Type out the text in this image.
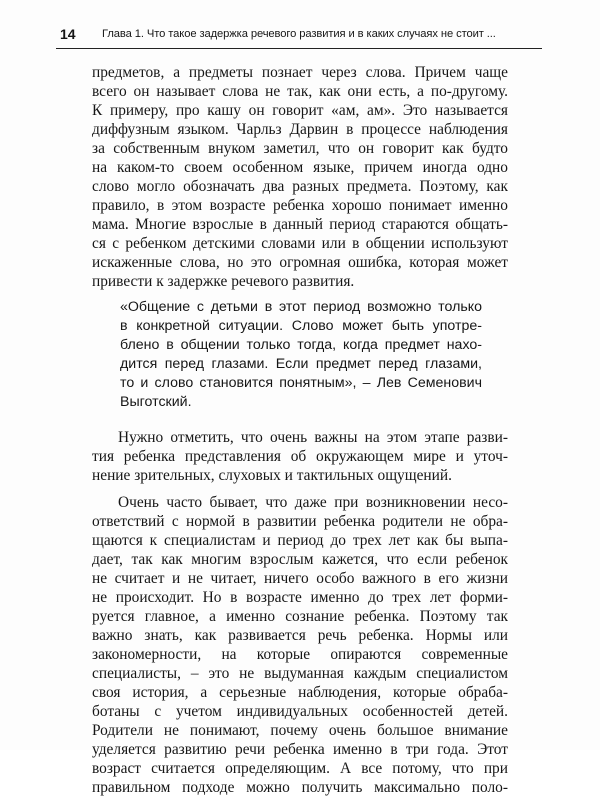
14 Глава 1. Что такое задержка речевого развития и в каких случаях не стоит ...
предметов, а предметы познает через слова. Причем чаще
всего он называет слова не так, как они есть, а по-другому.
К примеру, про кашу он говорит «ам, ам». Это называется
диффузным языком. Чарльз Дарвин в процессе наблюдения
за собственным внуком заметил, что он говорит как будто
на каком-то своем особенном языке, причем иногда одно
слово могло обозначать два разных предмета. Поэтому, как
правило, в этом возрасте ребенка хорошо понимает именно
мама. Многие взрослые в данный период стараются общать-
ся с ребенком детскими словами или в общении используют
искаженные слова, но это огромная ошибка, которая может
привести к задержке речевого развития.
«Общение с детьми в этот период возможно только
в конкретной ситуации. Слово может быть употре-
блено в общении только тогда, когда предмет нахо-
дится перед глазами. Если предмет перед глазами,
то и слово становится понятным», – Лев Семенович
Выготский.
Нужно отметить, что очень важны на этом этапе разви-
тия ребенка представления об окружающем мире и уточ-
нение зрительных, слуховых и тактильных ощущений.
Очень часто бывает, что даже при возникновении несо-
ответствий с нормой в развитии ребенка родители не обра-
щаются к специалистам и период до трех лет как бы выпа-
дает, так как многим взрослым кажется, что если ребенок
не считает и не читает, ничего особо важного в его жизни
не происходит. Но в возрасте именно до трех лет форми-
руется главное, а именно сознание ребенка. Поэтому так
важно знать, как развивается речь ребенка. Нормы или
закономерности, на которые опираются современные
специалисты, – это не выдуманная каждым специалистом
своя история, а серьезные наблюдения, которые обраба-
ботаны с учетом индивидуальных особенностей детей.
Родители не понимают, почему очень большое внимание
уделяется развитию речи ребенка именно в три года. Этот
возраст считается определяющим. А все потому, что при
правильном подходе можно получить максимально поло-
